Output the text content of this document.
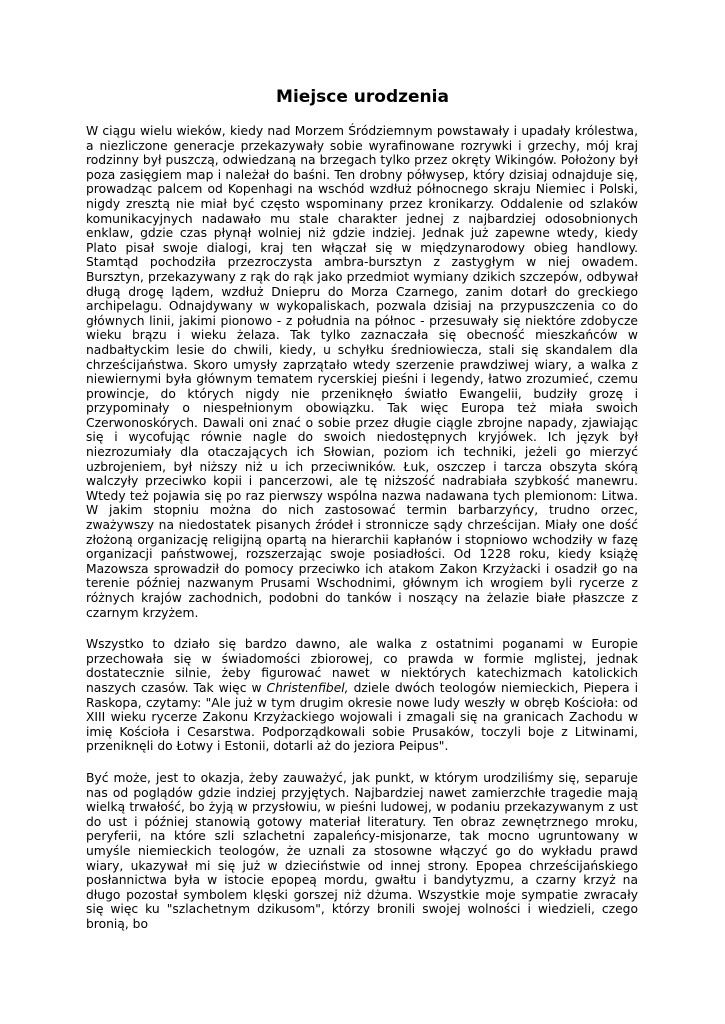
Miejsce urodzenia

W ciągu wielu wieków, kiedy nad Morzem Śródziemnym powstawały i upadały królestwa, a niezliczone generacje przekazywały sobie wyrafinowane rozrywki i grzechy, mój kraj rodzinny był puszczą, odwiedzaną na brzegach tylko przez okręty Wikingów. Położony był poza zasięgiem map i należał do baśni. Ten drobny półwysep, który dzisiaj odnajduje się, prowadząc palcem od Kopenhagi na wschód wzdłuż północnego skraju Niemiec i Polski, nigdy zresztą nie miał być często wspominany przez kronikarzy. Oddalenie od szlaków komunikacyjnych nadawało mu stale charakter jednej z najbardziej odosobnionych enklaw, gdzie czas płynął wolniej niż gdzie indziej. Jednak już zapewne wtedy, kiedy Plato pisał swoje dialogi, kraj ten włączał się w międzynarodowy obieg handlowy. Stamtąd pochodziła przezroczysta ambra-bursztyn z zastygłym w niej owadem. Bursztyn, przekazywany z rąk do rąk jako przedmiot wymiany dzikich szczepów, odbywał długą drogę lądem, wzdłuż Dniepru do Morza Czarnego, zanim dotarł do greckiego archipelagu. Odnajdywany w wykopaliskach, pozwala dzisiaj na przypuszczenia co do głównych linii, jakimi pionowo - z południa na północ - przesuwały się niektóre zdobycze wieku brązu i wieku żelaza. Tak tylko zaznaczała się obecność mieszkańców w nadbałtyckim lesie do chwili, kiedy, u schyłku średniowiecza, stali się skandalem dla chrześcijaństwa. Skoro umysły zaprzątało wtedy szerzenie prawdziwej wiary, a walka z niewiernymi była głównym tematem rycerskiej pieśni i legendy, łatwo zrozumieć, czemu prowincje, do których nigdy nie przeniknęło światło Ewangelii, budziły grozę i przypominały o niespełnionym obowiązku. Tak więc Europa też miała swoich Czerwonoskórych. Dawali oni znać o sobie przez długie ciągle zbrojne napady, zjawiając się i wycofując równie nagle do swoich niedostępnych kryjówek. Ich język był niezrozumiały dla otaczających ich Słowian, poziom ich techniki, jeżeli go mierzyć uzbrojeniem, był niższy niż u ich przeciwników. Łuk, oszczep i tarcza obszyta skórą walczyły przeciwko kopii i pancerzowi, ale tę niższość nadrabiała szybkość manewru. Wtedy też pojawia się po raz pierwszy wspólna nazwa nadawana tych plemionom: Litwa. W jakim stopniu można do nich zastosować termin barbarzyńcy, trudno orzec, zważywszy na niedostatek pisanych źródeł i stronnicze sądy chrześcijan. Miały one dość złożoną organizację religijną opartą na hierarchii kapłanów i stopniowo wchodziły w fazę organizacji państwowej, rozszerzając swoje posiadłości. Od 1228 roku, kiedy książę Mazowsza sprowadził do pomocy przeciwko ich atakom Zakon Krzyżacki i osadził go na terenie później nazwanym Prusami Wschodnimi, głównym ich wrogiem byli rycerze z różnych krajów zachodnich, podobni do tanków i noszący na żelazie białe płaszcze z czarnym krzyżem.

Wszystko to działo się bardzo dawno, ale walka z ostatnimi poganami w Europie przechowała się w świadomości zbiorowej, co prawda w formie mglistej, jednak dostatecznie silnie, żeby figurować nawet w niektórych katechizmach katolickich naszych czasów. Tak więc w Christenfibel, dziele dwóch teologów niemieckich, Piepera i Raskopa, czytamy: "Ale już w tym drugim okresie nowe ludy weszły w obręb Kościoła: od XIII wieku rycerze Zakonu Krzyżackiego wojowali i zmagali się na granicach Zachodu w imię Kościoła i Cesarstwa. Podporządkowali sobie Prusaków, toczyli boje z Litwinami, przeniknęli do Łotwy i Estonii, dotarli aż do jeziora Peipus".

Być może, jest to okazja, żeby zauważyć, jak punkt, w którym urodziliśmy się, separuje nas od poglądów gdzie indziej przyjętych. Najbardziej nawet zamierzchłe tragedie mają wielką trwałość, bo żyją w przysłowiu, w pieśni ludowej, w podaniu przekazywanym z ust do ust i później stanowią gotowy materiał literatury. Ten obraz zewnętrznego mroku, peryferii, na które szli szlachetni zapaleńcy-misjonarze, tak mocno ugruntowany w umyśle niemieckich teologów, że uznali za stosowne włączyć go do wykładu prawd wiary, ukazywał mi się już w dzieciństwie od innej strony. Epopea chrześcijańskiego posłannictwa była w istocie epopeą mordu, gwałtu i bandytyzmu, a czarny krzyż na długo pozostał symbolem klęski gorszej niż dżuma. Wszystkie moje sympatie zwracały się więc ku "szlachetnym dzikusom", którzy bronili swojej wolności i wiedzieli, czego bronią, bo
